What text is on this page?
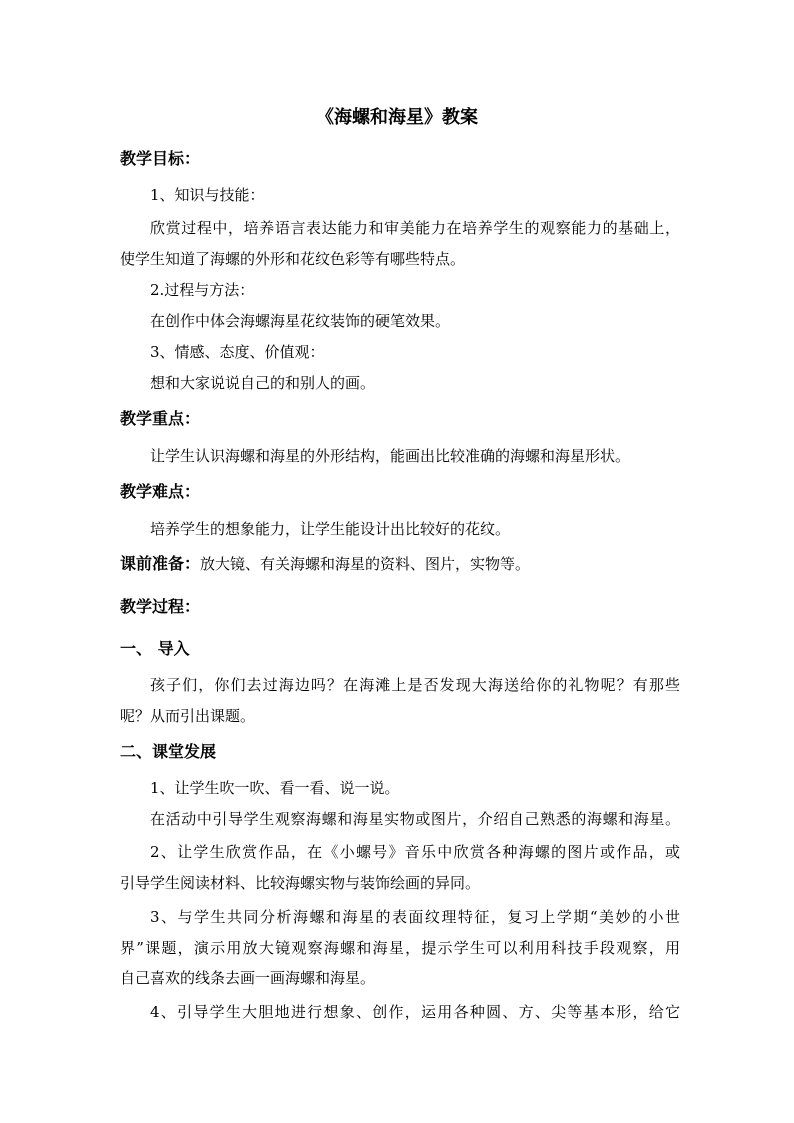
《海螺和海星》教案
教学目标：
1、知识与技能：
欣赏过程中，培养语言表达能力和审美能力在培养学生的观察能力的基础上，
使学生知道了海螺的外形和花纹色彩等有哪些特点。
2.过程与方法：
在创作中体会海螺海星花纹装饰的硬笔效果。
3、情感、态度、价值观：
想和大家说说自己的和别人的画。
教学重点：
让学生认识海螺和海星的外形结构，能画出比较准确的海螺和海星形状。
教学难点：
培养学生的想象能力，让学生能设计出比较好的花纹。
课前准备：放大镜、有关海螺和海星的资料、图片，实物等。
教学过程：
一、 导入
孩子们，你们去过海边吗？在海滩上是否发现大海送给你的礼物呢？有那些
呢？从而引出课题。
二、课堂发展
1、让学生吹一吹、看一看、说一说。
在活动中引导学生观察海螺和海星实物或图片，介绍自己熟悉的海螺和海星。
2、让学生欣赏作品，在《小螺号》音乐中欣赏各种海螺的图片或作品，或
引导学生阅读材料、比较海螺实物与装饰绘画的异同。
3、与学生共同分析海螺和海星的表面纹理特征，复习上学期“美妙的小世
界”课题，演示用放大镜观察海螺和海星，提示学生可以利用科技手段观察，用
自己喜欢的线条去画一画海螺和海星。
4、引导学生大胆地进行想象、创作，运用各种圆、方、尖等基本形，给它
